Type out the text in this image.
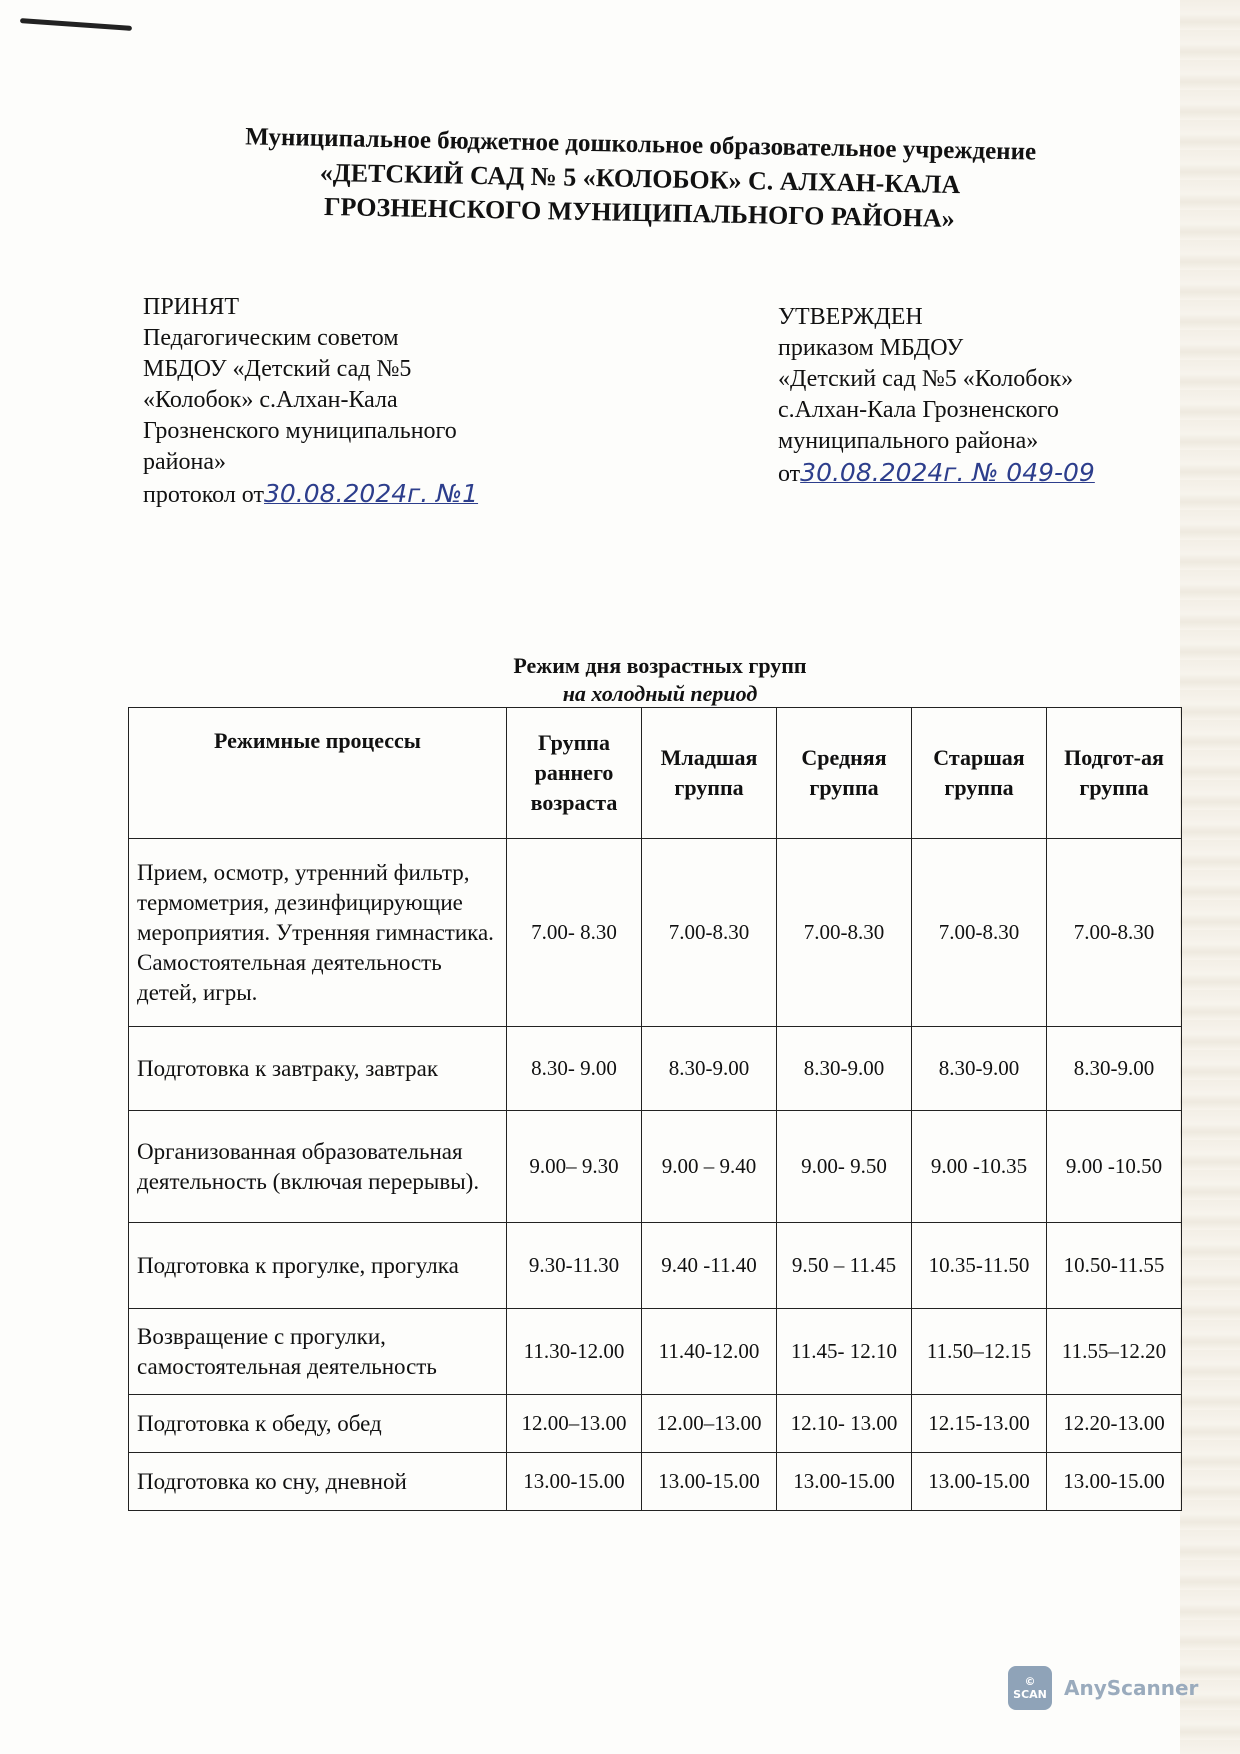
Муниципальное бюджетное дошкольное образовательное учреждение
«ДЕТСКИЙ САД № 5 «КОЛОБОК» С. АЛХАН-КАЛА
ГРОЗНЕНСКОГО МУНИЦИПАЛЬНОГО РАЙОНА»
ПРИНЯТ
Педагогическим советом
МБДОУ «Детский сад №5
«Колобок» с.Алхан-Кала
Грозненского муниципального
района»
протокол от30.08.2024г. №1
УТВЕРЖДЕН
приказом МБДОУ
«Детский сад №5 «Колобок»
с.Алхан-Кала Грозненского
муниципального района»
от30.08.2024г. № 049-09
Режим дня возрастных групп
на холодный период
Режимные процессы	Группа раннего возраста	Младшая группа	Средняя группа	Старшая группа	Подгот-ая группа
Прием, осмотр, утренний фильтр, термометрия, дезинфицирующие мероприятия. Утренняя гимнастика. Самостоятельная деятельность детей, игры.	7.00- 8.30	7.00-8.30	7.00-8.30	7.00-8.30	7.00-8.30
Подготовка к завтраку, завтрак	8.30- 9.00	8.30-9.00	8.30-9.00	8.30-9.00	8.30-9.00
Организованная образовательная деятельность (включая перерывы).	9.00– 9.30	9.00 – 9.40	9.00- 9.50	9.00 -10.35	9.00 -10.50
Подготовка к прогулке, прогулка	9.30-11.30	9.40 -11.40	9.50 – 11.45	10.35-11.50	10.50-11.55
Возвращение с прогулки, самостоятельная деятельность	11.30-12.00	11.40-12.00	11.45- 12.10	11.50–12.15	11.55–12.20
Подготовка к обеду, обед	12.00–13.00	12.00–13.00	12.10- 13.00	12.15-13.00	12.20-13.00
Подготовка ко сну, дневной	13.00-15.00	13.00-15.00	13.00-15.00	13.00-15.00	13.00-15.00
©
SCAN AnyScanner
